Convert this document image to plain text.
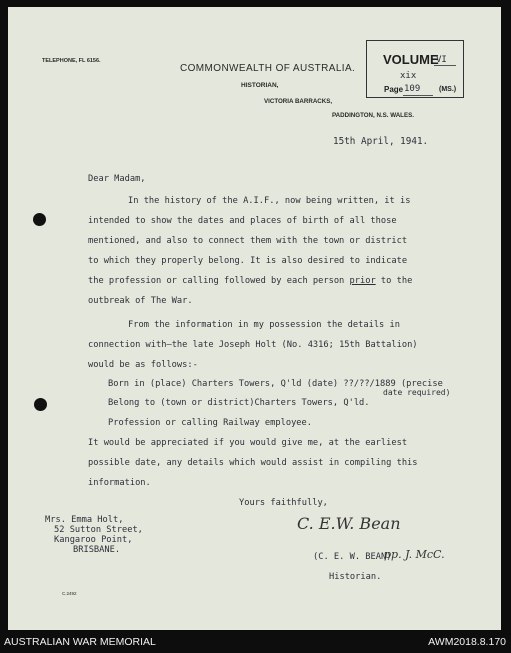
TELEPHONE, FL 6156.
COMMONWEALTH OF AUSTRALIA.
HISTORIAN,
VICTORIA BARRACKS,
PADDINGTON, N.S. WALES.
VOLUME
VI
xix
Page 109	(MS.)
15th April, 1941.
Dear Madam,
In the history of the A.I.F., now being written, it is
intended to show the dates and places of birth of all those
mentioned, and also to connect them with the town or district
to which they properly belong. It is also desired to indicate
the profession or calling followed by each person prior to the
outbreak of The War.
From the information in my possession the details in
connection with—the late Joseph Holt (No. 4316; 15th Battalion)
would be as follows:-
Born in (place) Charters Towers, Q'ld (date) ??/??/1889 (precise
date required)
Belong to (town or district)Charters Towers, Q'ld.
Profession or calling Railway employee.
It would be appreciated if you would give me, at the earliest
possible date, any details which would assist in compiling this
information.
Yours faithfully,
Mrs. Emma Holt,
52 Sutton Street,
Kangaroo Point,
BRISBANE.
C. E.W. Bean
(C. E. W. BEAN)
pp. J. McC.
Historian.
C.2492
AUSTRALIAN WAR MEMORIAL	AWM2018.8.170
